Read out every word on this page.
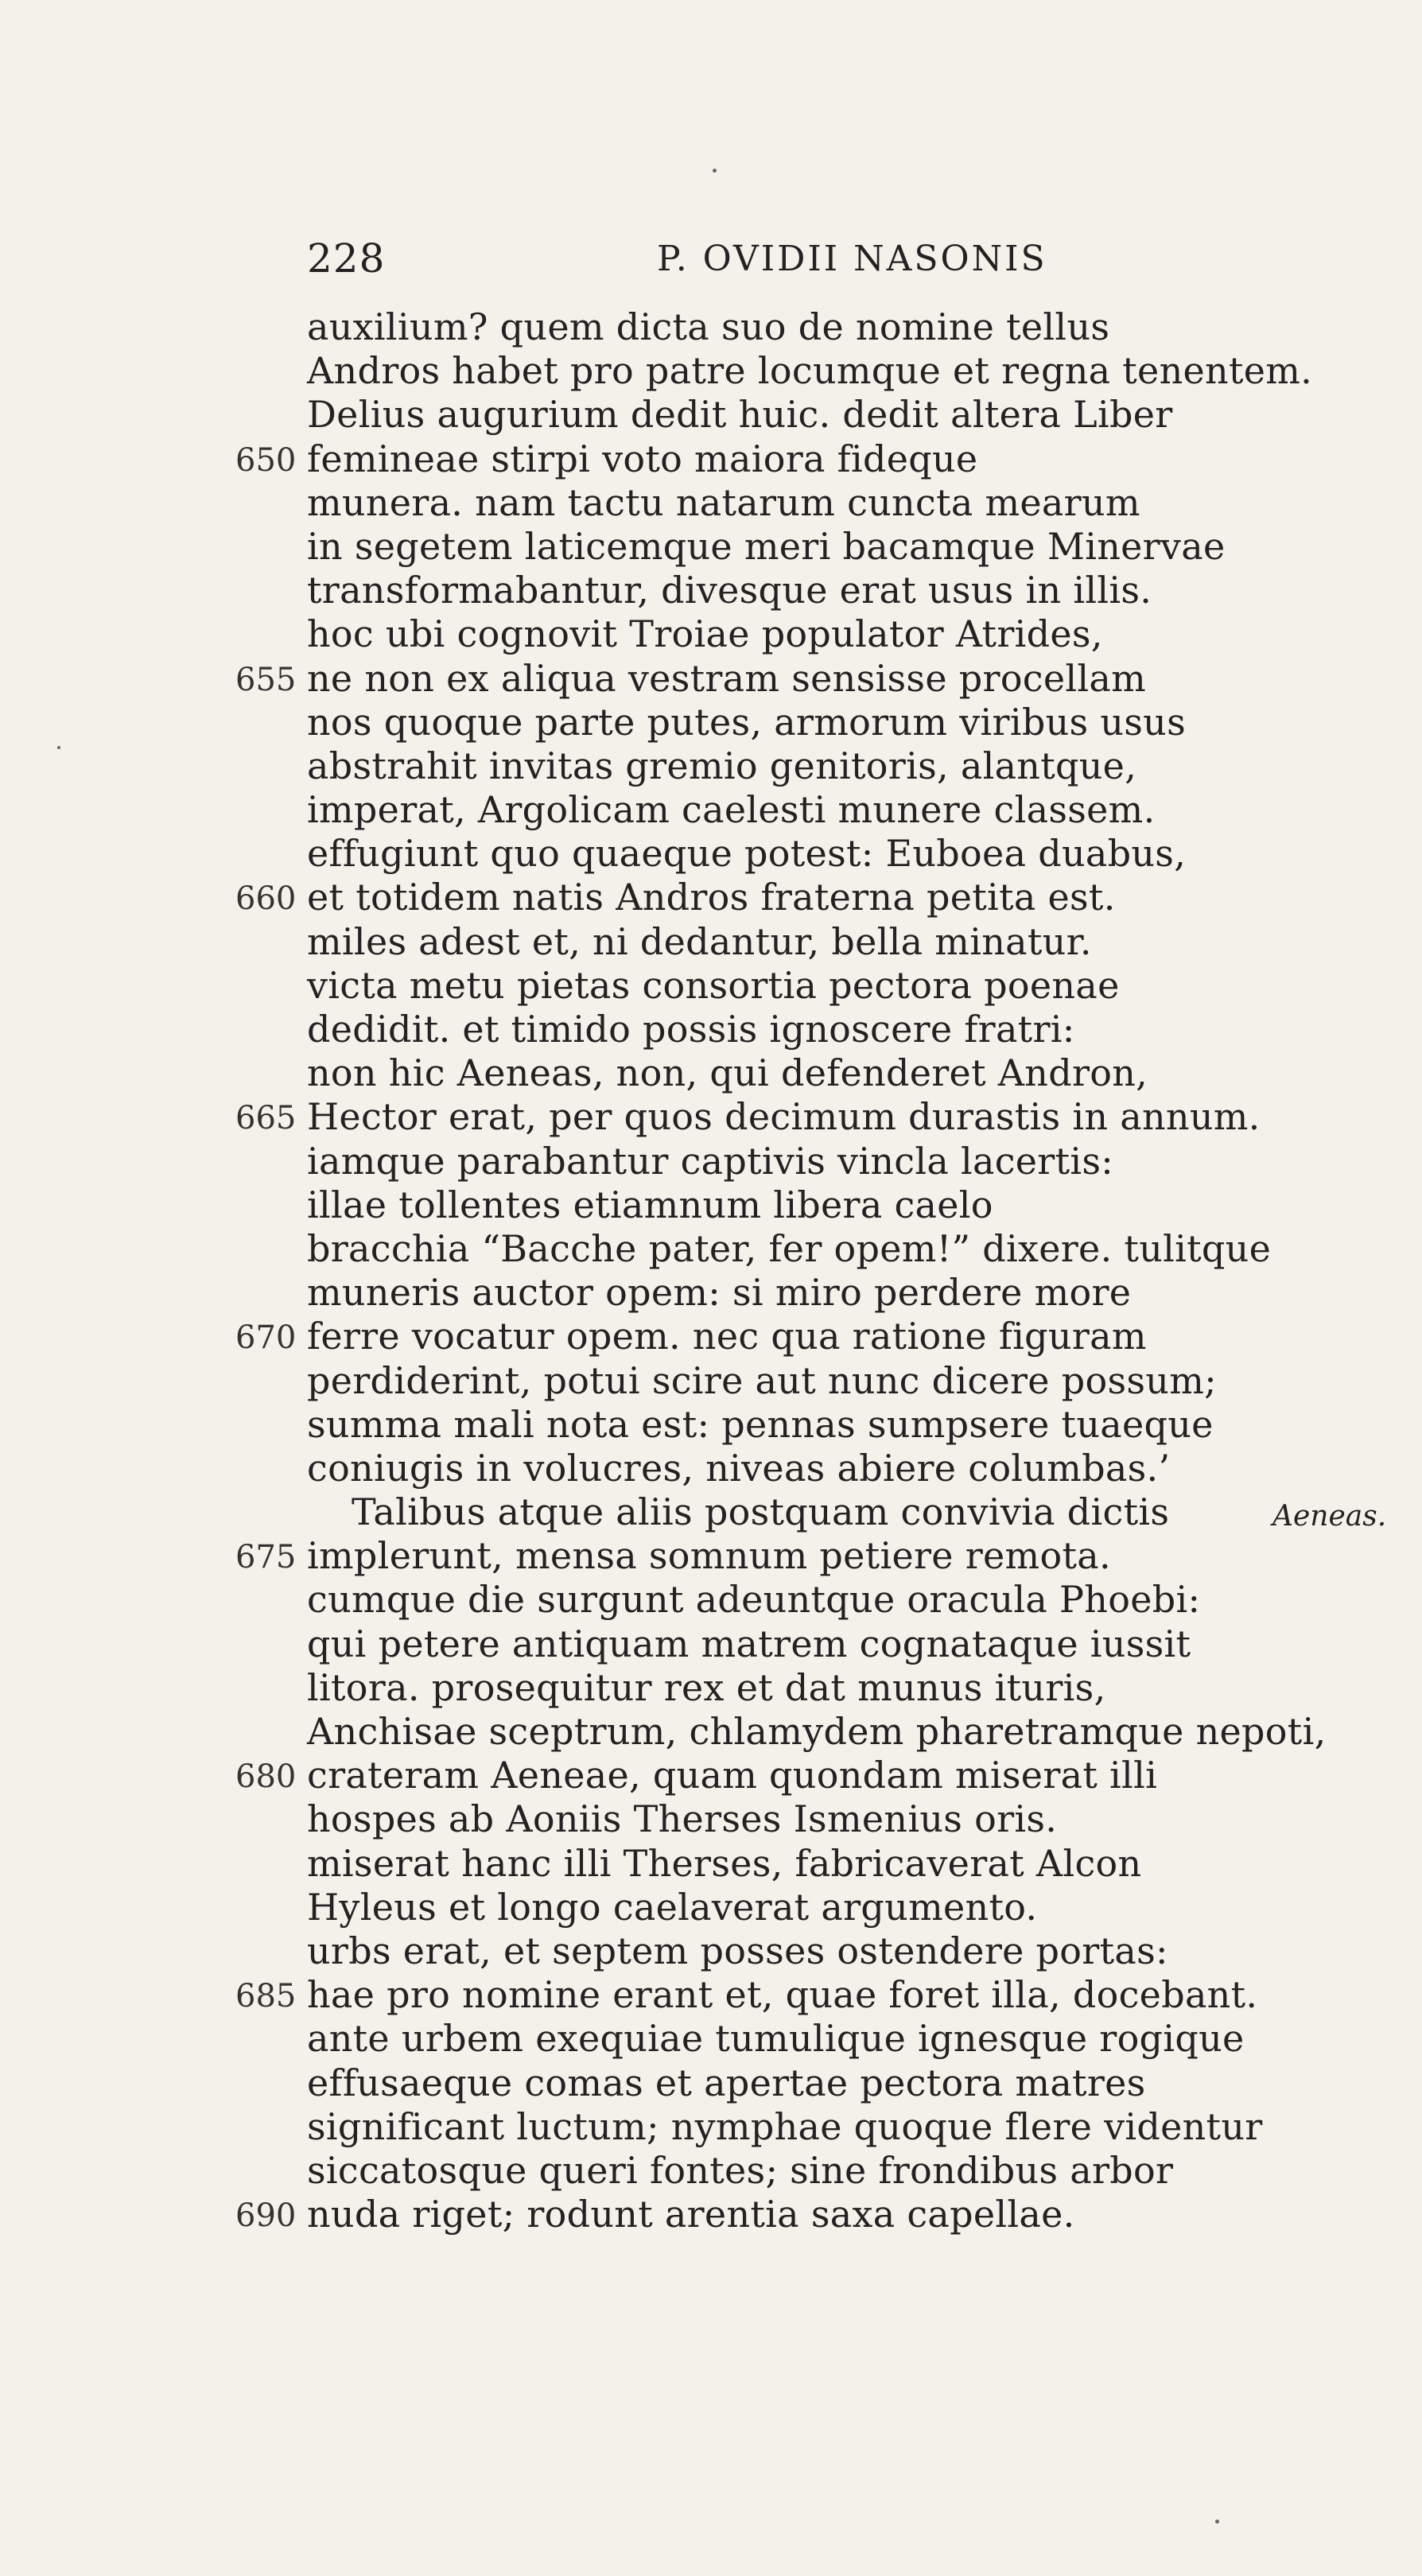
228	P. OVIDII NASONIS
auxilium? quem dicta suo de nomine tellus
Andros habet pro patre locumque et regna tenentem.
Delius augurium dedit huic. dedit altera Liber
650 femineae stirpi voto maiora fideque
munera. nam tactu natarum cuncta mearum
in segetem laticemque meri bacamque Minervae
transformabantur, divesque erat usus in illis.
hoc ubi cognovit Troiae populator Atrides,
655 ne non ex aliqua vestram sensisse procellam
nos quoque parte putes, armorum viribus usus
abstrahit invitas gremio genitoris, alantque,
imperat, Argolicam caelesti munere classem.
effugiunt quo quaeque potest: Euboea duabus,
660 et totidem natis Andros fraterna petita est.
miles adest et, ni dedantur, bella minatur.
victa metu pietas consortia pectora poenae
dedidit. et timido possis ignoscere fratri:
non hic Aeneas, non, qui defenderet Andron,
665 Hector erat, per quos decimum durastis in annum.
iamque parabantur captivis vincla lacertis:
illae tollentes etiamnum libera caelo
bracchia “Bacche pater, fer opem!” dixere. tulitque
muneris auctor opem: si miro perdere more
670 ferre vocatur opem. nec qua ratione figuram
perdiderint, potui scire aut nunc dicere possum;
summa mali nota est: pennas sumpsere tuaeque
coniugis in volucres, niveas abiere columbas.’
Talibus atque aliis postquam convivia dictis	Aeneas.
675 implerunt, mensa somnum petiere remota.
cumque die surgunt adeuntque oracula Phoebi:
qui petere antiquam matrem cognataque iussit
litora. prosequitur rex et dat munus ituris,
Anchisae sceptrum, chlamydem pharetramque nepoti,
680 crateram Aeneae, quam quondam miserat illi
hospes ab Aoniis Therses Ismenius oris.
miserat hanc illi Therses, fabricaverat Alcon
Hyleus et longo caelaverat argumento.
urbs erat, et septem posses ostendere portas:
685 hae pro nomine erant et, quae foret illa, docebant.
ante urbem exequiae tumulique ignesque rogique
effusaeque comas et apertae pectora matres
significant luctum; nymphae quoque flere videntur
siccatosque queri fontes; sine frondibus arbor
690 nuda riget; rodunt arentia saxa capellae.
